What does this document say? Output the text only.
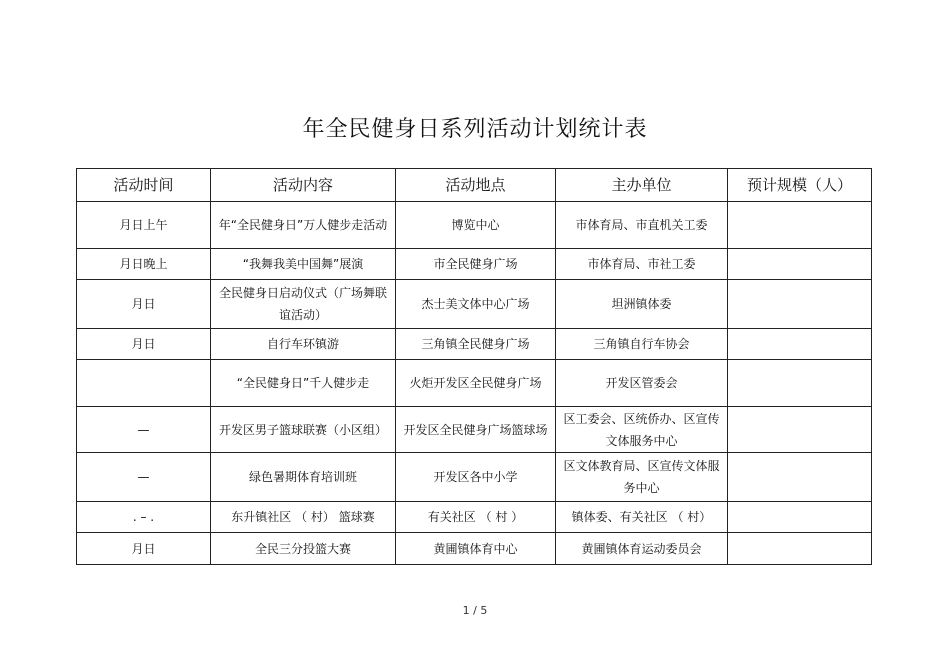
年全民健身日系列活动计划统计表
活动时间	活动内容	活动地点	主办单位	预计规模（人）
月日上午	年“全民健身日”万人健步走活动	博览中心	市体育局、市直机关工委	
月日晚上	“我舞我美中国舞”展演	市全民健身广场	市体育局、市社工委	
月日	全民健身日启动仪式（广场舞联谊活动）	杰士美文体中心广场	坦洲镇体委	
月日	自行车环镇游	三角镇全民健身广场	三角镇自行车协会	
	“全民健身日”千人健步走	火炬开发区全民健身广场	开发区管委会	
—	开发区男子篮球联赛（小区组）	开发区全民健身广场篮球场	区工委会、区统侨办、区宣传文体服务中心	
—	绿色暑期体育培训班	开发区各中小学	区文体教育局、区宣传文体服务中心	
. – .	东升镇社区 （ 村） 篮球赛	有关社区 （ 村 ）	镇体委、有关社区 （ 村）	
月日	全民三分投篮大赛	黄圃镇体育中心	黄圃镇体育运动委员会	
1 / 5
